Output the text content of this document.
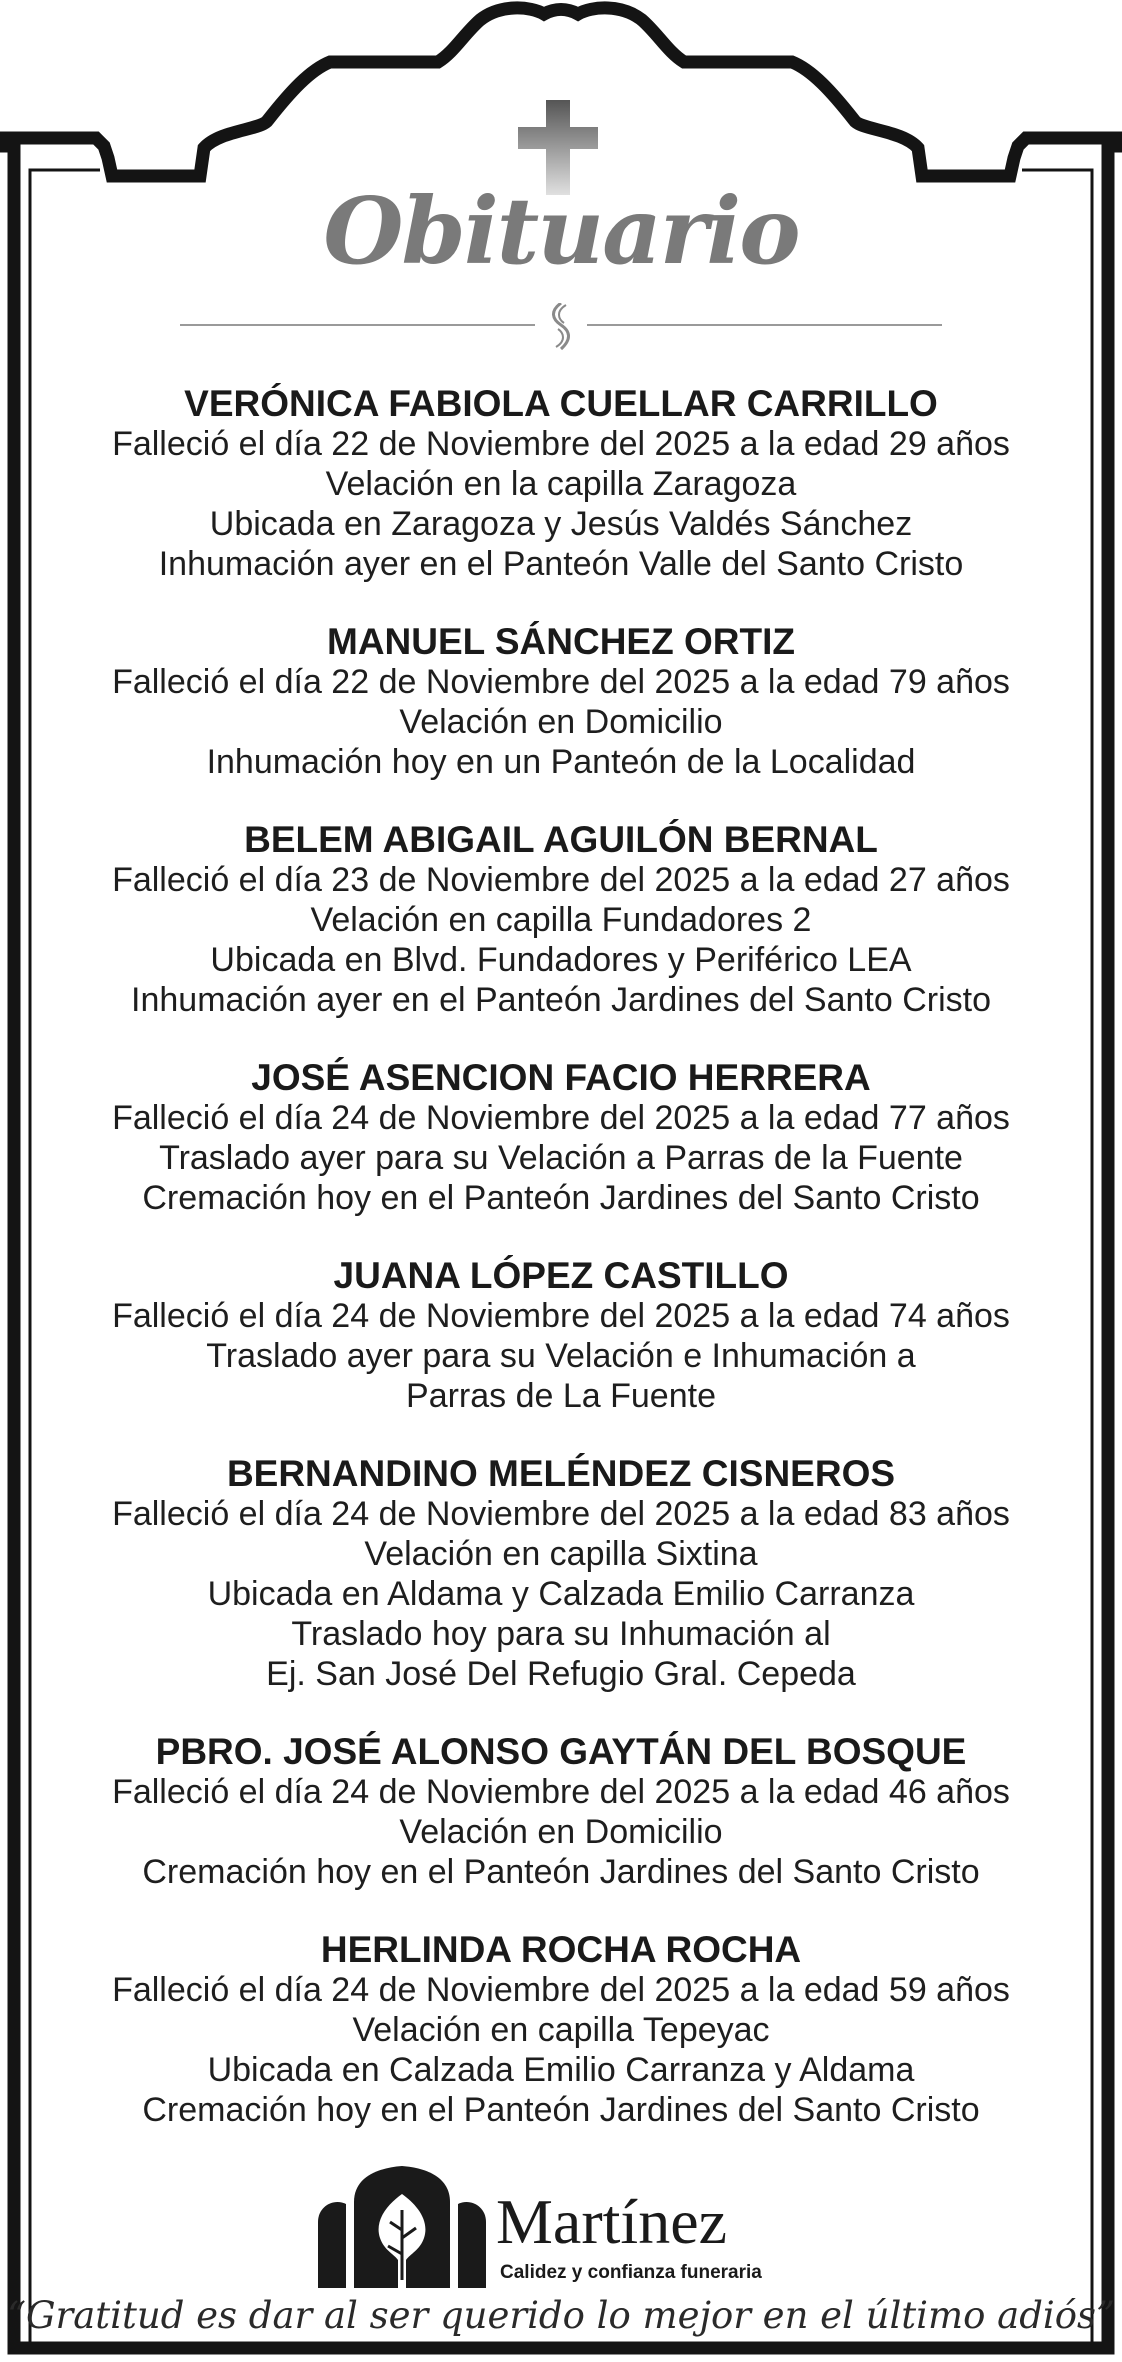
Obituario
VERÓNICA FABIOLA CUELLAR CARRILLO
Falleció el día 22 de Noviembre del 2025 a la edad 29 años
Velación en la capilla Zaragoza
Ubicada en Zaragoza y Jesús Valdés Sánchez
Inhumación ayer en el Panteón Valle del Santo Cristo
MANUEL SÁNCHEZ ORTIZ
Falleció el día 22 de Noviembre del 2025 a la edad 79 años
Velación en Domicilio
Inhumación hoy en un Panteón de la Localidad
BELEM ABIGAIL AGUILÓN BERNAL
Falleció el día 23 de Noviembre del 2025 a la edad 27 años
Velación en capilla Fundadores 2
Ubicada en Blvd. Fundadores y Periférico LEA
Inhumación ayer en el Panteón Jardines del Santo Cristo
JOSÉ ASENCION FACIO HERRERA
Falleció el día 24 de Noviembre del 2025 a la edad 77 años
Traslado ayer para su Velación a Parras de la Fuente
Cremación hoy en el Panteón Jardines del Santo Cristo
JUANA LÓPEZ CASTILLO
Falleció el día 24 de Noviembre del 2025 a la edad 74 años
Traslado ayer para su Velación e Inhumación a
Parras de La Fuente
BERNANDINO MELÉNDEZ CISNEROS
Falleció el día 24 de Noviembre del 2025 a la edad 83 años
Velación en capilla Sixtina
Ubicada en Aldama y Calzada Emilio Carranza
Traslado hoy para su Inhumación al
Ej. San José Del Refugio Gral. Cepeda
PBRO. JOSÉ ALONSO GAYTÁN DEL BOSQUE
Falleció el día 24 de Noviembre del 2025 a la edad 46 años
Velación en Domicilio
Cremación hoy en el Panteón Jardines del Santo Cristo
HERLINDA ROCHA ROCHA
Falleció el día 24 de Noviembre del 2025 a la edad 59 años
Velación en capilla Tepeyac
Ubicada en Calzada Emilio Carranza y Aldama
Cremación hoy en el Panteón Jardines del Santo Cristo
Martínez
Calidez y confianza funeraria
“Gratitud es dar al ser querido lo mejor en el último adiós”
